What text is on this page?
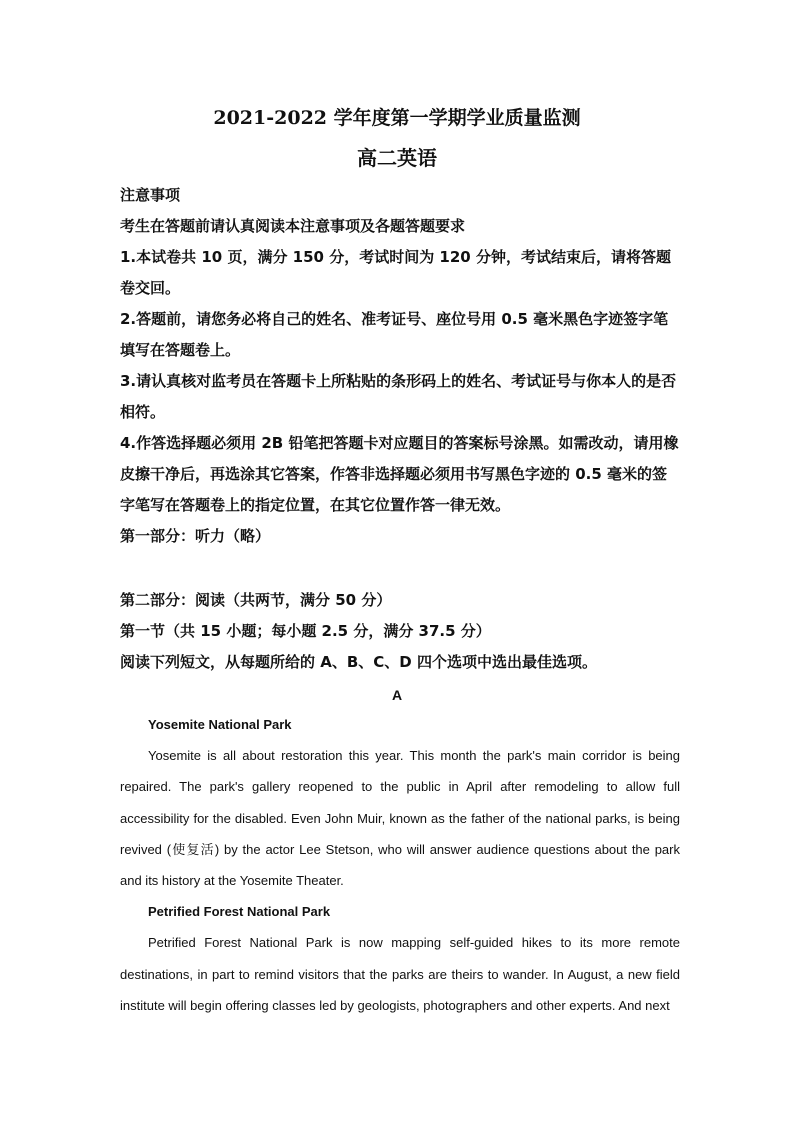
2021-2022 学年度第一学期学业质量监测
高二英语

注意事项

考生在答题前请认真阅读本注意事项及各题答题要求

1.本试卷共 10 页，满分 150 分，考试时间为 120 分钟，考试结束后，请将答题卷交回。

2.答题前，请您务必将自己的姓名、准考证号、座位号用 0.5 毫米黑色字迹签字笔填写在答题卷上。

3.请认真核对监考员在答题卡上所粘贴的条形码上的姓名、考试证号与你本人的是否相符。

4.作答选择题必须用 2B 铅笔把答题卡对应题目的答案标号涂黑。如需改动，请用橡皮擦干净后，再选涂其它答案，作答非选择题必须用书写黑色字迹的 0.5 毫米的签字笔写在答题卷上的指定位置，在其它位置作答一律无效。

第一部分：听力（略）

第二部分：阅读（共两节，满分 50 分）

第一节（共 15 小题；每小题 2.5 分，满分 37.5 分）

阅读下列短文，从每题所给的 A、B、C、D 四个选项中选出最佳选项。

A
Yosemite National Park

Yosemite is all about restoration this year. This month the park's main corridor is being repaired. The park's gallery reopened to the public in April after remodeling to allow full accessibility for the disabled. Even John Muir, known as the father of the national parks, is being revived (使复活) by the actor Lee Stetson, who will answer audience questions about the park and its history at the Yosemite Theater.

Petrified Forest National Park

Petrified Forest National Park is now mapping self-guided hikes to its more remote destinations, in part to remind visitors that the parks are theirs to wander. In August, a new field institute will begin offering classes led by geologists, photographers and other experts. And next
